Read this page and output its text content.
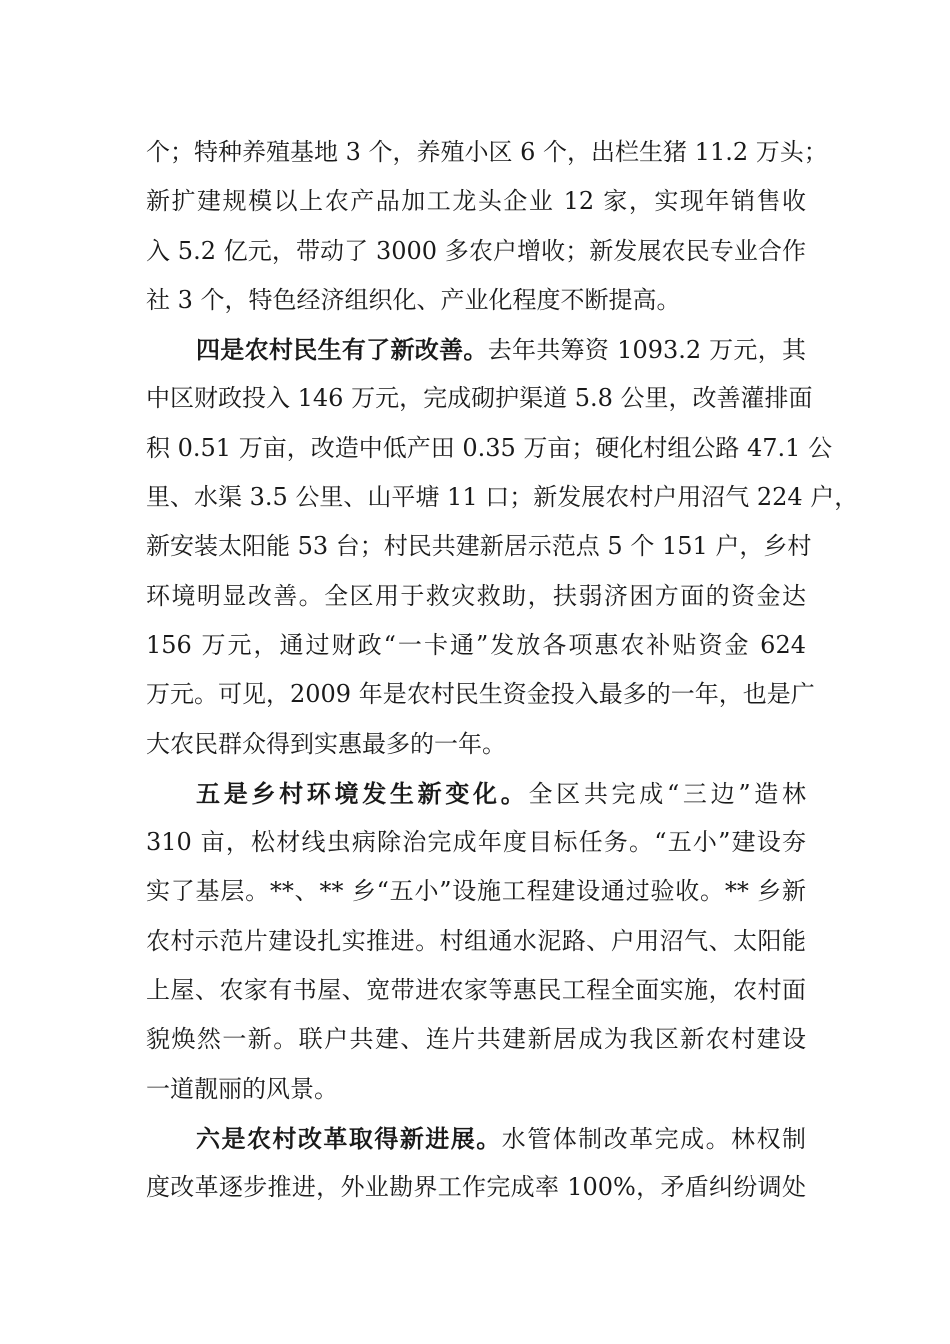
个；特种养殖基地 3 个，养殖小区 6 个，出栏生猪 11.2 万头；
新扩建规模以上农产品加工龙头企业 12 家，实现年销售收
入 5.2 亿元，带动了 3000 多农户增收；新发展农民专业合作
社 3 个，特色经济组织化、产业化程度不断提高。
四是农村民生有了新改善。去年共筹资 1093.2 万元，其
中区财政投入 146 万元，完成砌护渠道 5.8 公里，改善灌排面
积 0.51 万亩，改造中低产田 0.35 万亩；硬化村组公路 47.1 公
里、水渠 3.5 公里、山平塘 11 口；新发展农村户用沼气 224 户，
新安装太阳能 53 台；村民共建新居示范点 5 个 151 户，乡村
环境明显改善。全区用于救灾救助，扶弱济困方面的资金达
156 万元，通过财政“一卡通”发放各项惠农补贴资金 624
万元。可见，2009 年是农村民生资金投入最多的一年，也是广
大农民群众得到实惠最多的一年。
五是乡村环境发生新变化。全区共完成“三边”造林
310 亩，松材线虫病除治完成年度目标任务。“五小”建设夯
实了基层。**、** 乡“五小”设施工程建设通过验收。** 乡新
农村示范片建设扎实推进。村组通水泥路、户用沼气、太阳能
上屋、农家有书屋、宽带进农家等惠民工程全面实施，农村面
貌焕然一新。联户共建、连片共建新居成为我区新农村建设
一道靓丽的风景。
六是农村改革取得新进展。水管体制改革完成。林权制
度改革逐步推进，外业勘界工作完成率 100%，矛盾纠纷调处
